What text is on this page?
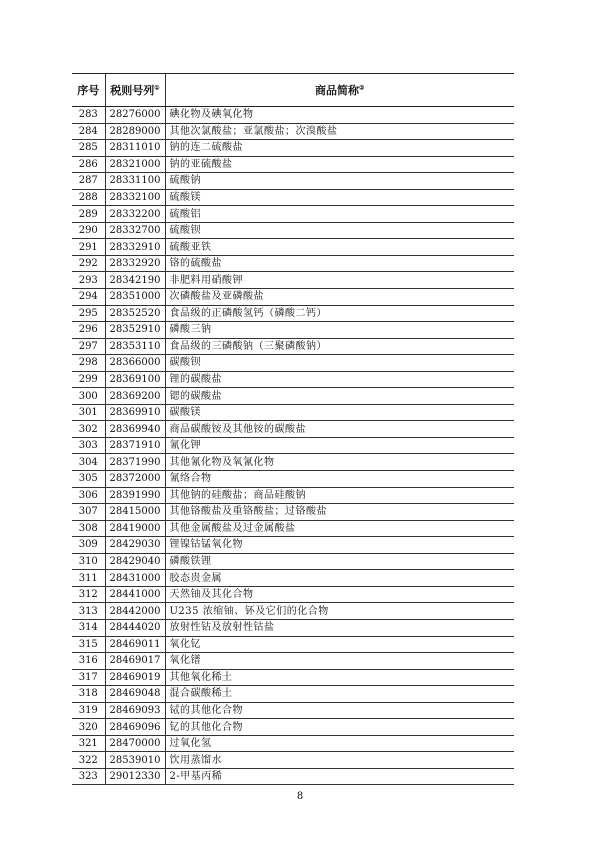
序号	税则号列①	商品简称②
283	28276000	碘化物及碘氧化物
284	28289000	其他次氯酸盐；亚氯酸盐；次溴酸盐
285	28311010	钠的连二硫酸盐
286	28321000	钠的亚硫酸盐
287	28331100	硫酸钠
288	28332100	硫酸镁
289	28332200	硫酸铝
290	28332700	硫酸钡
291	28332910	硫酸亚铁
292	28332920	铬的硫酸盐
293	28342190	非肥料用硝酸钾
294	28351000	次磷酸盐及亚磷酸盐
295	28352520	食品级的正磷酸氢钙（磷酸二钙）
296	28352910	磷酸三钠
297	28353110	食品级的三磷酸钠（三聚磷酸钠）
298	28366000	碳酸钡
299	28369100	锂的碳酸盐
300	28369200	锶的碳酸盐
301	28369910	碳酸镁
302	28369940	商品碳酸铵及其他铵的碳酸盐
303	28371910	氰化钾
304	28371990	其他氰化物及氧氰化物
305	28372000	氰络合物
306	28391990	其他钠的硅酸盐；商品硅酸钠
307	28415000	其他铬酸盐及重铬酸盐；过铬酸盐
308	28419000	其他金属酸盐及过金属酸盐
309	28429030	锂镍钴锰氧化物
310	28429040	磷酸铁锂
311	28431000	胶态贵金属
312	28441000	天然铀及其化合物
313	28442000	U235 浓缩铀、钚及它们的化合物
314	28444020	放射性钴及放射性钴盐
315	28469011	氧化钇
316	28469017	氧化镨
317	28469019	其他氧化稀土
318	28469048	混合碳酸稀土
319	28469093	铽的其他化合物
320	28469096	钇的其他化合物
321	28470000	过氧化氢
322	28539010	饮用蒸馏水
323	29012330	2-甲基丙稀
8
